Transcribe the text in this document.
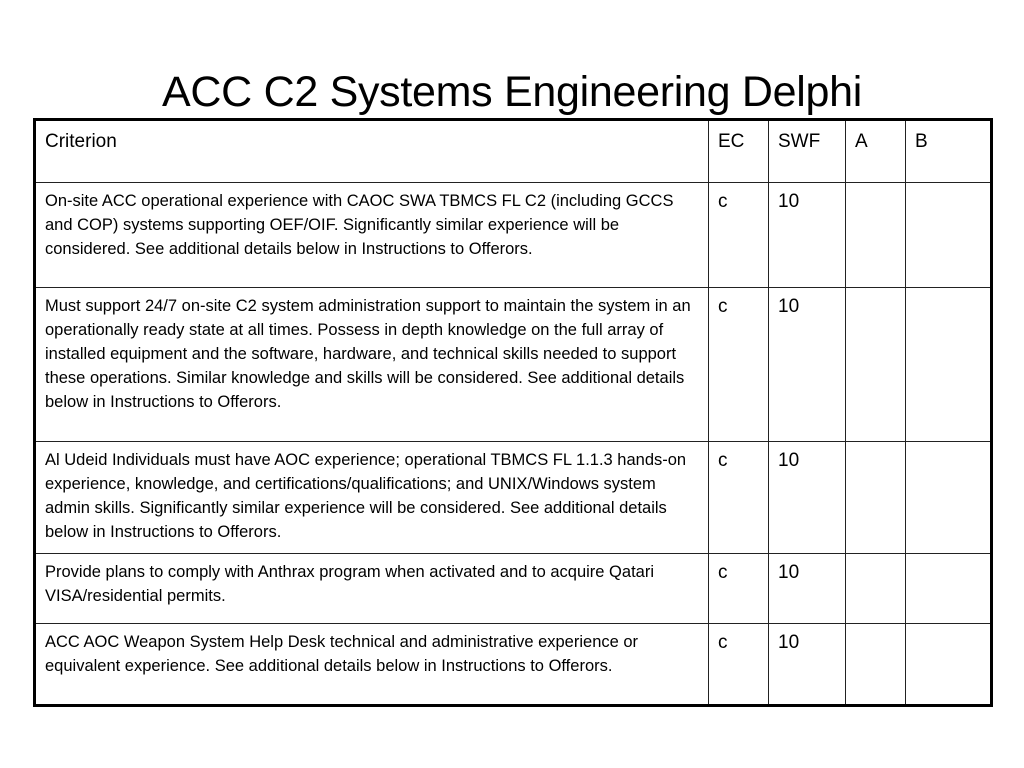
ACC C2 Systems Engineering Delphi
Criterion	EC	SWF	A	B
On-site ACC operational experience with CAOC SWA TBMCS FL C2 (including GCCS and COP) systems supporting OEF/OIF. Significantly similar experience will be considered. See additional details below in Instructions to Offerors.	c	10		
Must support 24/7 on-site C2 system administration support to maintain the system in an operationally ready state at all times. Possess in depth knowledge on the full array of installed equipment and the software, hardware, and technical skills needed to support these operations. Similar knowledge and skills will be considered. See additional details below in Instructions to Offerors.	c	10		
Al Udeid Individuals must have AOC experience; operational TBMCS FL 1.1.3 hands-on experience, knowledge, and certifications/qualifications; and UNIX/Windows system admin skills. Significantly similar experience will be considered. See additional details below in Instructions to Offerors.	c	10		
Provide plans to comply with Anthrax program when activated and to acquire Qatari VISA/residential permits.	c	10		
ACC AOC Weapon System Help Desk technical and administrative experience or equivalent experience. See additional details below in Instructions to Offerors.	c	10		
